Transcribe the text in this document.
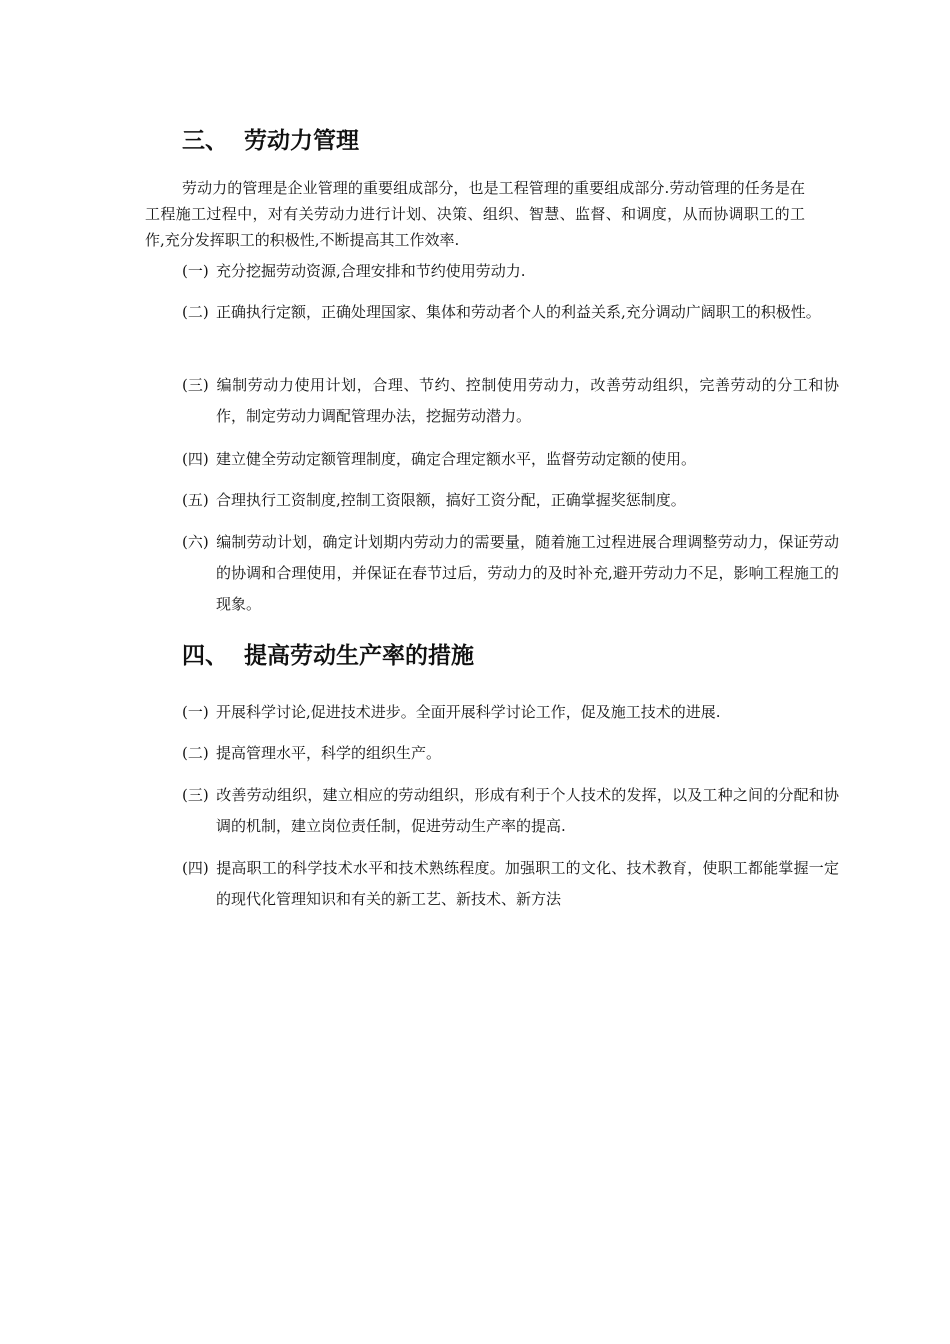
三、 劳动力管理
劳动力的管理是企业管理的重要组成部分，也是工程管理的重要组成部分.劳动管理的任务是在工程施工过程中，对有关劳动力进行计划、决策、组织、智慧、监督、和调度，从而协调职工的工作,充分发挥职工的积极性,不断提高其工作效率.
(一) 充分挖掘劳动资源,合理安排和节约使用劳动力.
(二) 正确执行定额，正确处理国家、集体和劳动者个人的利益关系,充分调动广阔职工的积极性。
(三) 编制劳动力使用计划，合理、节约、控制使用劳动力，改善劳动组织，完善劳动的分工和协作，制定劳动力调配管理办法，挖掘劳动潜力。
(四) 建立健全劳动定额管理制度，确定合理定额水平，监督劳动定额的使用。
(五) 合理执行工资制度,控制工资限额，搞好工资分配，正确掌握奖惩制度。
(六) 编制劳动计划，确定计划期内劳动力的需要量，随着施工过程进展合理调整劳动力，保证劳动的协调和合理使用，并保证在春节过后，劳动力的及时补充,避开劳动力不足，影响工程施工的现象。
四、 提高劳动生产率的措施
(一) 开展科学讨论,促进技术进步。全面开展科学讨论工作，促及施工技术的进展.
(二) 提高管理水平，科学的组织生产。
(三) 改善劳动组织，建立相应的劳动组织，形成有利于个人技术的发挥，以及工种之间的分配和协调的机制，建立岗位责任制，促进劳动生产率的提高.
(四) 提高职工的科学技术水平和技术熟练程度。加强职工的文化、技术教育，使职工都能掌握一定的现代化管理知识和有关的新工艺、新技术、新方法
